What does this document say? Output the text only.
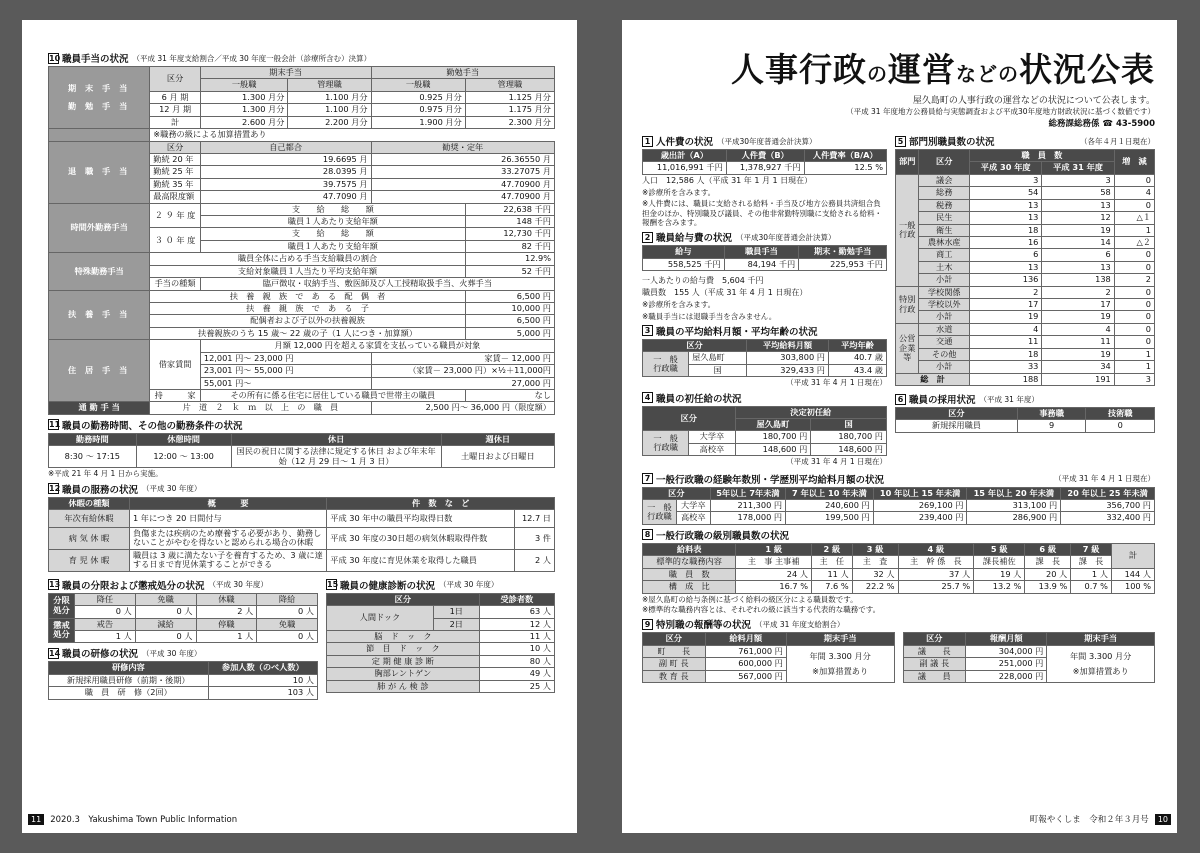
10 職員手当の状況 （平成 31 年度支給割合／平成 30 年度一般会計（診療所含む）決算）
期 末 手 当
勤 勉 手 当	区分	期末手当		勤勉手当	
		一般職	管理職	一般職	管理職
	6 月 期	1.300 月分	1.100 月分	0.925 月分	1.125 月分
	12 月 期	1.300 月分	1.100 月分	0.975 月分	1.175 月分
	計	2.600 月分	2.200 月分	1.900 月分	2.300 月分
	※職務の級による加算措置あり				
退 職 手 当	区分	自己都合		勧奨・定年	
	勤続 20 年	19.6695 月		26.36550 月	
	勤続 25 年	28.0395 月		33.27075 月	
	勤続 35 年	39.7575 月		47.70900 月	
	最高限度額	47.7090 月		47.70900 月	
時間外勤務手当	２ ９ 年 度	支　　給　　総　　額			22,638 千円
		職員１人あたり支給年額			148 千円
	３ ０ 年 度	支　　給　　総　　額			12,730 千円
		職員１人あたり支給年額			82 千円
特殊勤務手当	職員全体に占める手当支給職員の割合				12.9%
	支給対象職員１人当たり平均支給年額				52 千円
	手当の種類	臨戸徴収・収納手当、敷医師及び人工授精取扱手当、火葬手当			
扶 養 手 当	扶　養　親　族　で　あ　る　配　偶　者				6,500 円
	扶　養　親　族　で　あ　る　子				10,000 円
	配偶者および子以外の扶養親族				6,500 円
	扶養親族のうち 15 歳～ 22 歳の子（1 人につき・加算額）				5,000 円
住 居 手 当	借家賃間	月額 12,000 円を超える家賃を支払っている職員が対象			
		12,001 円～ 23,000 円		家賃－ 12,000 円	
		23,001 円～ 55,000 円		（家賃－ 23,000 円）×½＋11,000円	
		55,001 円～		27,000 円	
	持　　　家	その所有に係る住宅に居住している職員で世帯主の職員			なし
通 勤 手 当	片　道　２　ｋ　ｍ　以　上　の　職　員			2,500 円～ 36,000 円（限度額）	
11 職員の勤務時間、その他の勤務条件の状況
勤務時間	休憩時間	休日	週休日
8:30 ～ 17:15	12:00 ～ 13:00	国民の祝日に関する法律に規定する休日 および年末年始（12 月 29 日～ 1 月 3 日）	土曜日および日曜日
※平成 21 年 4 月 1 日から実施。
12 職員の服務の状況 （平成 30 年度）
休暇の種類	概　　　要	件　数　な　ど	
年次有給休暇	1 年につき 20 日間付与	平成 30 年中の職員平均取得日数	12.7 日
病 気 休 暇	負傷または疾病のため療養する必要があり、勤務しないことがやむを得ないと認められる場合の休暇	平成 30 年度の30日超の病気休暇取得件数	3 件
育 児 休 暇	職員は 3 歳に満たない子を養育するため、3 歳に達する日まで育児休業することができる	平成 30 年度に育児休業を取得した職員	2 人
13 職員の分限および懲戒処分の状況 （平成 30 年度）
分限処分	降任	免職	休職	降給
	0 人	0 人	2 人	0 人
懲戒処分	戒告	減給	停職	免職
	1 人	0 人	1 人	0 人
14 職員の研修の状況 （平成 30 年度）
研修内容	参加人数（のべ人数）
新規採用職員研修（前期・後期）	10 人
職　員　研　修（2回）	103 人
15 職員の健康診断の状況 （平成 30 年度）
区分		受診者数
人間ドック	1日	63 人
	2日	12 人
脳　ド　ッ　ク		11 人
節　目　ド　ッ　ク		10 人
定 期 健 康 診 断		80 人
胸部レントゲン		49 人
肺 が ん 検 診		25 人
11	2020.3　Yakushima Town Public Information
人事行政の運営などの状況公表
屋久島町の人事行政の運営などの状況について公表します。
（平成 31 年度地方公務員給与実態調査および平成30年度地方財政状況に基づく数値です）
総務課総務係 ☎ 43-5900
1 人件費の状況 （平成30年度普通会計決算）
歳出計（A）	人件費（B）	人件費率（B/A）
11,016,991 千円	1,378,927 千円	12.5 %
人口　12,586 人（平成 31 年 1 月 1 日現在）
※診療所を含みます。
※人件費には、職員に支給される給料・手当及び地方公務員共済組合負担金のほか、特別職及び議員、その他非常勤特別職に支給される給料・報酬を含みます。
2 職員給与費の状況 （平成30年度普通会計決算）
給与	職員手当	期末・勤勉手当
558,525 千円	84,194 千円	225,953 千円
一人あたりの給与費　5,604 千円
職員数　155 人（平成 31 年 4 月 1 日現在）
※診療所を含みます。
※職員手当には退職手当を含みません。
3 職員の平均給料月額・平均年齢の状況
区分		平均給料月額	平均年齢

一　般
行政職	屋久島町	303,800 円	40.7 歳
	国	329,433 円	43.4 歳
（平成 31 年 4 月 1 日現在）
4 職員の初任給の状況
区分		決定初任給	
		屋久島町	国

一　般
行政職	大学卒	180,700 円	180,700 円
	高校卒	148,600 円	148,600 円
（平成 31 年 4 月 1 日現在）
5 部門別職員数の状況	（各年４月１日現在）
部門	区分	職　員　数		増　減
		平成 30 年度	平成 31 年度	
一般行政	議会	3	3	0
	総務	54	58	4
	税務	13	13	0
	民生	13	12	△１
	衛生	18	19	1
	農林水産	16	14	△２
	商工	6	6	0
	土木	13	13	0
	小計	136	138	2
特別行政	学校関係	2	2	0
	学校以外	17	17	0
	小計	19	19	0
公営企業等	水道	4	4	0
	交通	11	11	0
	その他	18	19	1
	小計	33	34	1
総　計		188	191	3
6 職員の採用状況 （平成 31 年度）
区分	事務職	技術職
新規採用職員	9	0
7 一般行政職の経験年数別・学歴別平均給料月額の状況	（平成 31 年 4 月 1 日現在）
区分		5年以上 7年未満	7 年以上 10 年未満	10 年以上 15 年未満	15 年以上 20 年未満	20 年以上 25 年未満

一　般
行政職	大学卒	211,300 円	240,600 円	269,100 円	313,100 円	356,700 円
	高校卒	178,000 円	199,500 円	239,400 円	286,900 円	332,400 円
8 一般行政職の級別職員数の状況
給料表	1 級	2 級	3 級	4 級	5 級	6 級	7 級	計
標準的な職務内容	主　事 主事補	主　任	主　査	主　幹 係　長	課長補佐	課　長	課　長	
職　員　数	24 人	11 人	32 人	37 人	19 人	20 人	1 人	144 人
構　成　比	16.7 %	7.6 %	22.2 %	25.7 %	13.2 %	13.9 %	0.7 %	100 %
※屋久島町の給与条例に基づく給料の級区分による職員数です。
※標準的な職務内容とは、それぞれの級に該当する代表的な職務です。
9 特別職の報酬等の状況 （平成 31 年度支給割合）
区分	給料月額	期末手当
町　　長	761,000 円	年間 3.300 月分
※加算措置あり

副 町 長	600,000 円	
教 育 長	567,000 円	
区分	報酬月額	期末手当
議　　長	304,000 円	年間 3.300 月分
※加算措置あり

副 議 長	251,000 円	
議　　員	228,000 円	
町報やくしま　令和２年３月号	10
